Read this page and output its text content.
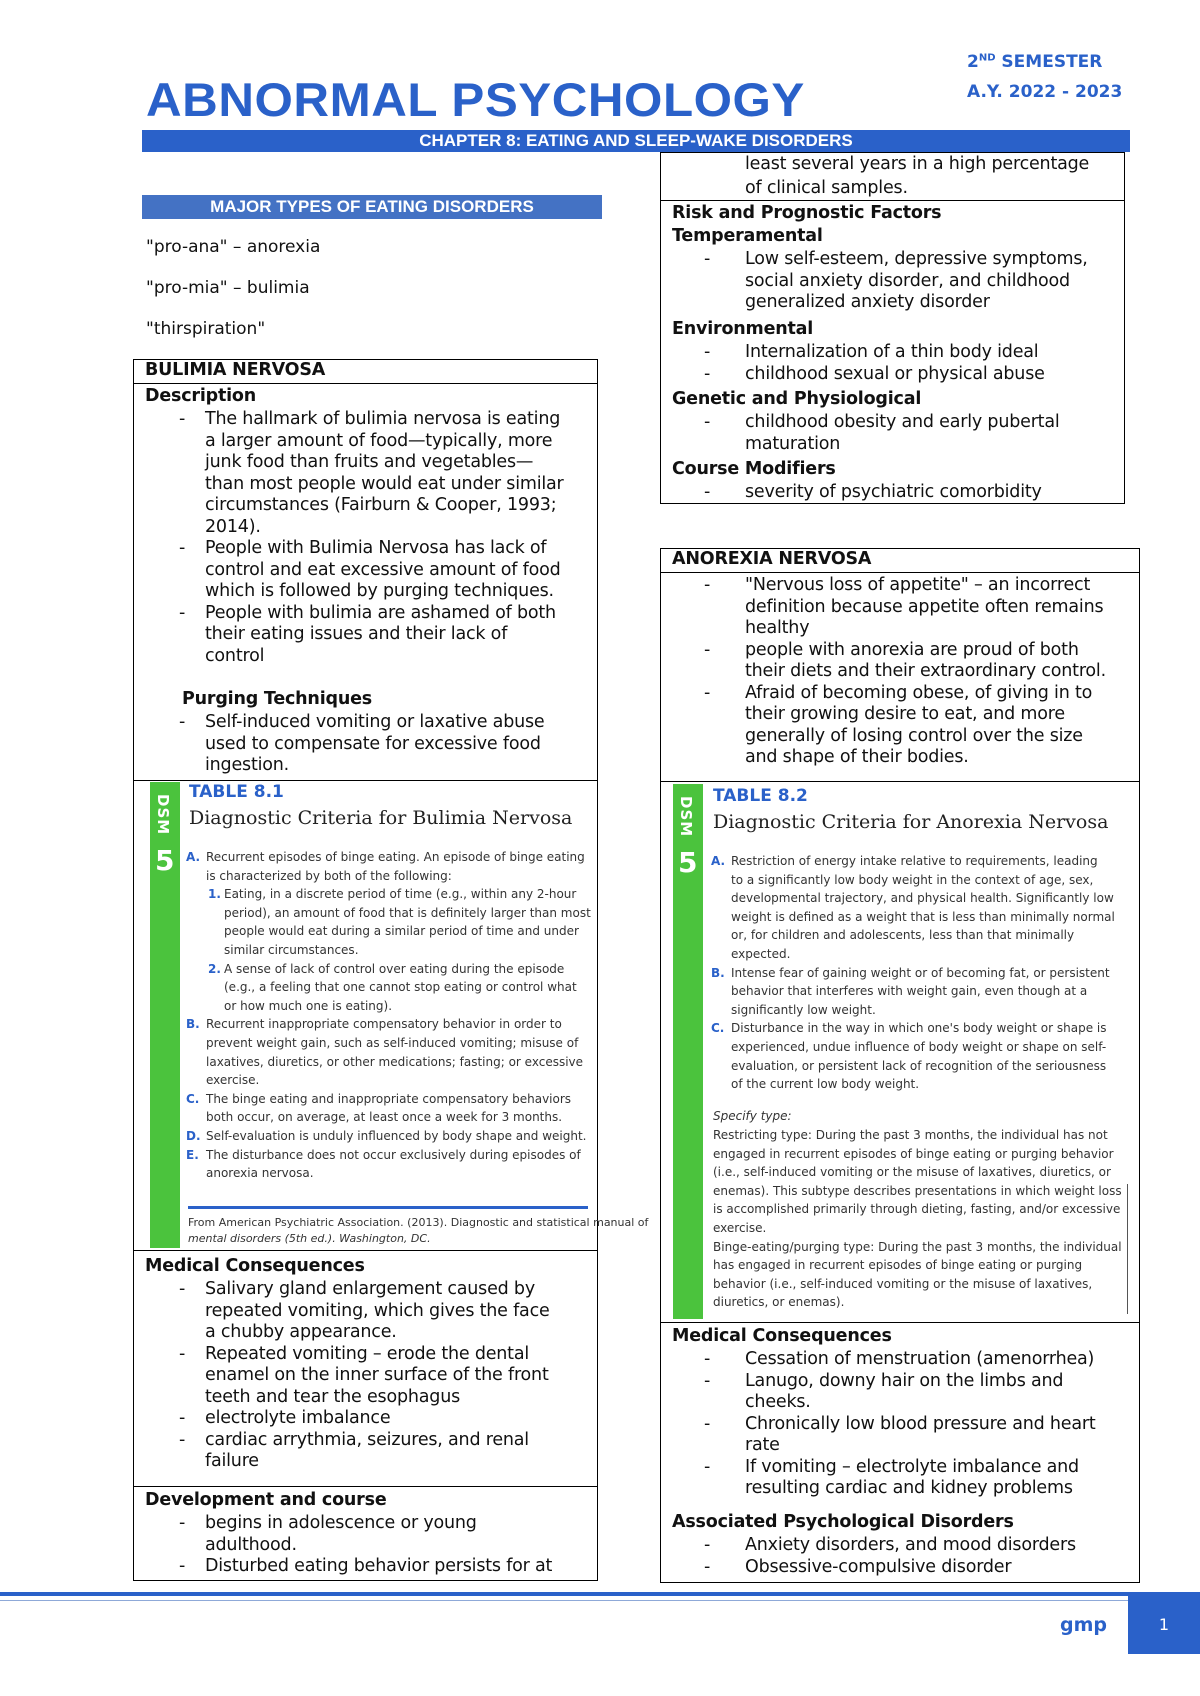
ABNORMAL PSYCHOLOGY
2ND SEMESTER
A.Y. 2022 - 2023
CHAPTER 8: EATING AND SLEEP-WAKE DISORDERS
MAJOR TYPES OF EATING DISORDERS
"pro-ana" – anorexia
"pro-mia" – bulimia
"thirspiration"
BULIMIA NERVOSA
Description
- The hallmark of bulimia nervosa is eating
a larger amount of food—typically, more
junk food than fruits and vegetables—
than most people would eat under similar
circumstances (Fairburn & Cooper, 1993;
2014).
- People with Bulimia Nervosa has lack of
control and eat excessive amount of food
which is followed by purging techniques.
- People with bulimia are ashamed of both
their eating issues and their lack of
control
Purging Techniques
- Self-induced vomiting or laxative abuse
used to compensate for excessive food
ingestion.
DSM
5
TABLE 8.1
Diagnostic Criteria for Bulimia Nervosa
A. Recurrent episodes of binge eating. An episode of binge eating
is characterized by both of the following:
1. Eating, in a discrete period of time (e.g., within any 2-hour
period), an amount of food that is definitely larger than most
people would eat during a similar period of time and under
similar circumstances.
2. A sense of lack of control over eating during the episode
(e.g., a feeling that one cannot stop eating or control what
or how much one is eating).
B. Recurrent inappropriate compensatory behavior in order to
prevent weight gain, such as self-induced vomiting; misuse of
laxatives, diuretics, or other medications; fasting; or excessive
exercise.
C. The binge eating and inappropriate compensatory behaviors
both occur, on average, at least once a week for 3 months.
D. Self-evaluation is unduly influenced by body shape and weight.
E. The disturbance does not occur exclusively during episodes of
anorexia nervosa.
From American Psychiatric Association. (2013). Diagnostic and statistical manual of
mental disorders (5th ed.). Washington, DC.
Medical Consequences
- Salivary gland enlargement caused by
repeated vomiting, which gives the face
a chubby appearance.
- Repeated vomiting – erode the dental
enamel on the inner surface of the front
teeth and tear the esophagus
- electrolyte imbalance
- cardiac arrythmia, seizures, and renal
failure
Development and course
- begins in adolescence or young
adulthood.
- Disturbed eating behavior persists for at
least several years in a high percentage
of clinical samples.
Risk and Prognostic Factors
Temperamental
- Low self-esteem, depressive symptoms,
social anxiety disorder, and childhood
generalized anxiety disorder
Environmental
- Internalization of a thin body ideal
- childhood sexual or physical abuse
Genetic and Physiological
- childhood obesity and early pubertal
maturation
Course Modifiers
- severity of psychiatric comorbidity
ANOREXIA NERVOSA
- "Nervous loss of appetite" – an incorrect
definition because appetite often remains
healthy
- people with anorexia are proud of both
their diets and their extraordinary control.
- Afraid of becoming obese, of giving in to
their growing desire to eat, and more
generally of losing control over the size
and shape of their bodies.
DSM
5
TABLE 8.2
Diagnostic Criteria for Anorexia Nervosa
A. Restriction of energy intake relative to requirements, leading
to a significantly low body weight in the context of age, sex,
developmental trajectory, and physical health. Significantly low
weight is defined as a weight that is less than minimally normal
or, for children and adolescents, less than that minimally
expected.
B. Intense fear of gaining weight or of becoming fat, or persistent
behavior that interferes with weight gain, even though at a
significantly low weight.
C. Disturbance in the way in which one's body weight or shape is
experienced, undue influence of body weight or shape on self-
evaluation, or persistent lack of recognition of the seriousness
of the current low body weight.
Specify type:
Restricting type: During the past 3 months, the individual has not
engaged in recurrent episodes of binge eating or purging behavior
(i.e., self-induced vomiting or the misuse of laxatives, diuretics, or
enemas). This subtype describes presentations in which weight loss
is accomplished primarily through dieting, fasting, and/or excessive
exercise.
Binge-eating/purging type: During the past 3 months, the individual
has engaged in recurrent episodes of binge eating or purging
behavior (i.e., self-induced vomiting or the misuse of laxatives,
diuretics, or enemas).
Medical Consequences
- Cessation of menstruation (amenorrhea)
- Lanugo, downy hair on the limbs and
cheeks.
- Chronically low blood pressure and heart
rate
- If vomiting – electrolyte imbalance and
resulting cardiac and kidney problems
Associated Psychological Disorders
- Anxiety disorders, and mood disorders
- Obsessive-compulsive disorder
gmp	1
